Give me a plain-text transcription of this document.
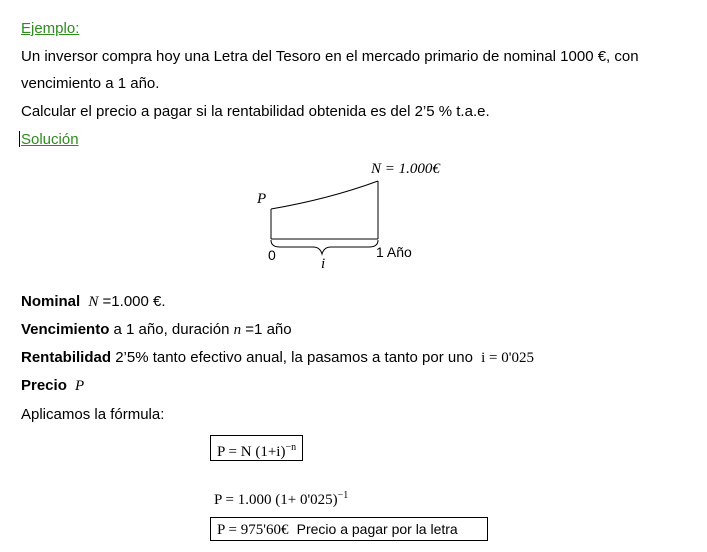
Ejemplo:
Un inversor compra hoy una Letra del Tesoro en el mercado primario de nominal 1000 €, con
vencimiento a 1 año.
Calcular el precio a pagar si la rentabilidad obtenida es del 2’5 % t.a.e.
Solución
N = 1.000€
P
0	1 Año
i
Nominal N =1.000 €.
Vencimiento a 1 año, duración n =1 año
Rentabilidad 2’5% tanto efectivo anual, la pasamos a tanto por uno i = 0'025
Precio P
Aplicamos la fórmula:
P = N $(1+i)^{-n}$
P = 1.000 $(1+ 0'025)^{-1}$
P = 975'60€ Precio a pagar por la letra
